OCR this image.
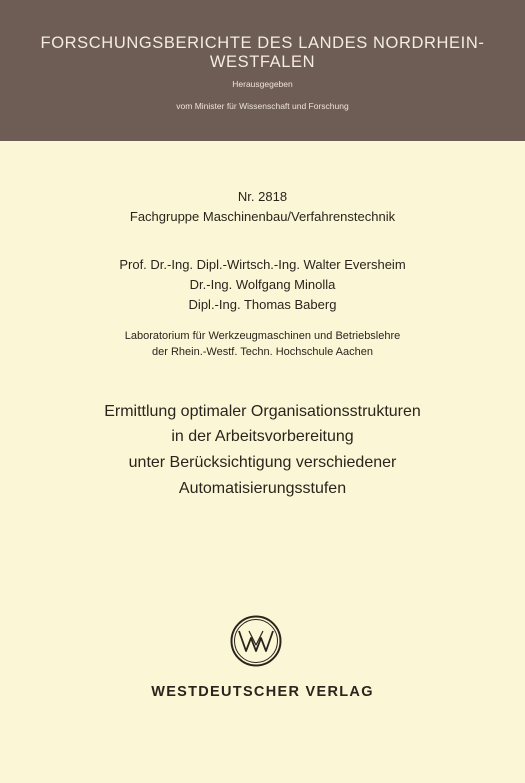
FORSCHUNGSBERICHTE DES LANDES NORDRHEIN-WESTFALEN
Herausgegeben
vom Minister für Wissenschaft und Forschung
Nr. 2818
Fachgruppe Maschinenbau/Verfahrenstechnik
Prof. Dr.-Ing. Dipl.-Wirtsch.-Ing. Walter Eversheim
Dr.-Ing. Wolfgang Minolla
Dipl.-Ing. Thomas Baberg
Laboratorium für Werkzeugmaschinen und Betriebslehre
der Rhein.-Westf. Techn. Hochschule Aachen
Ermittlung optimaler Organisationsstrukturen
in der Arbeitsvorbereitung
unter Berücksichtigung verschiedener
Automatisierungsstufen
WESTDEUTSCHER VERLAG
